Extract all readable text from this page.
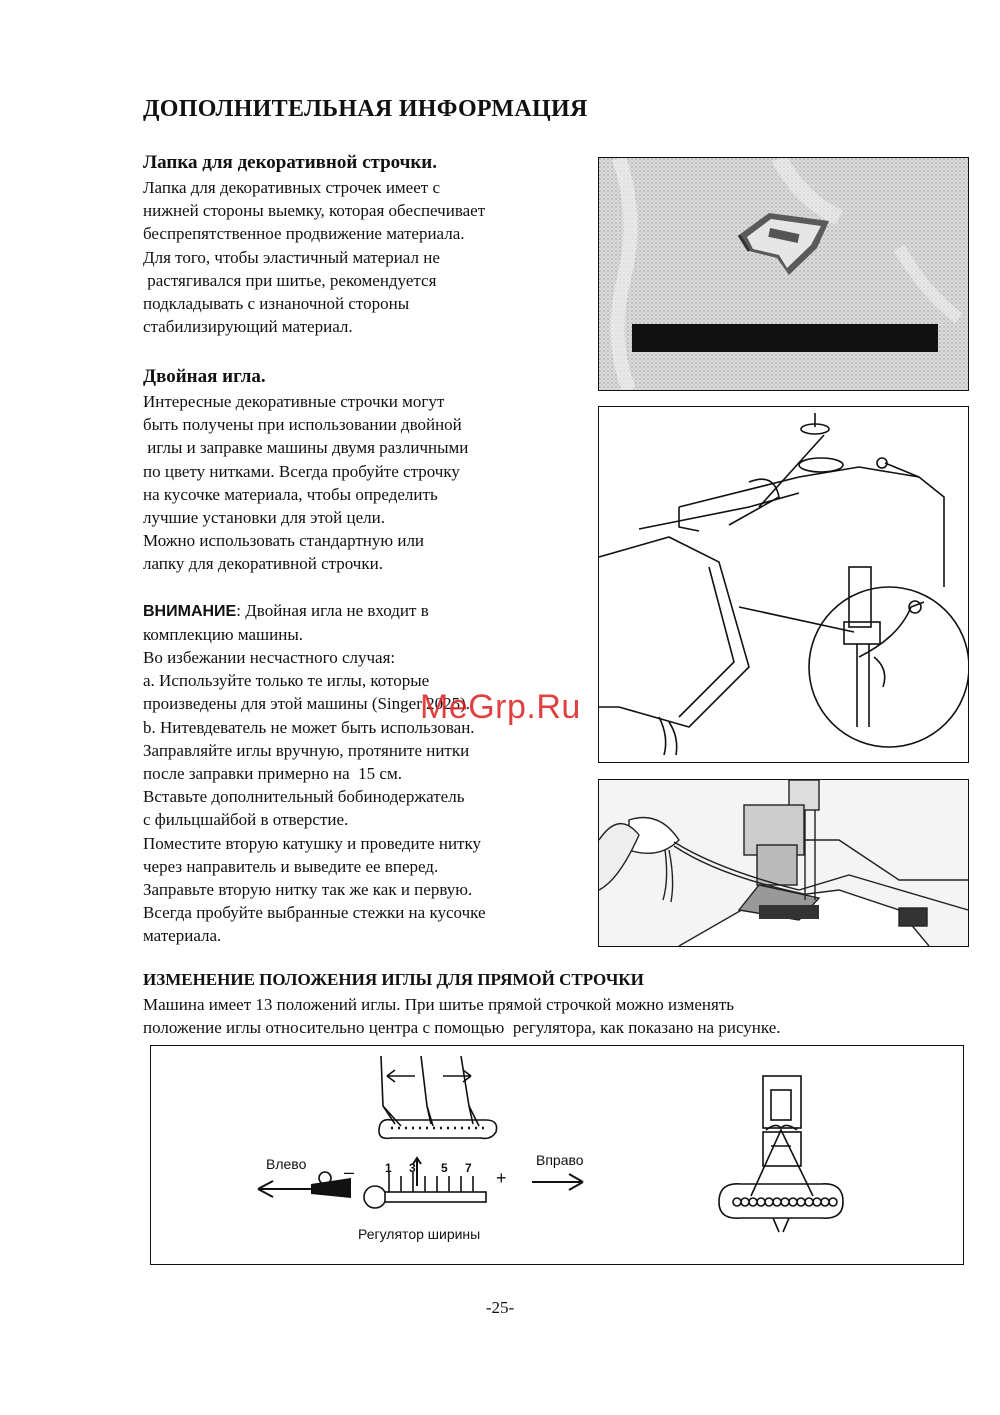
ДОПОЛНИТЕЛЬНАЯ ИНФОРМАЦИЯ

Лапка для декоративной строчки.

Лапка для декоративных строчек имеет с
нижней стороны выемку, которая обеспечивает
беспрепятственное продвижение материала.
Для того, чтобы эластичный материал не
растягивался при шитье, рекомендуется
подкладывать с изнаночной стороны
стабилизирующий материал.

Двойная игла.

Интересные декоративные строчки могут
быть получены при использовании двойной
иглы и заправке машины двумя различными
по цвету нитками. Всегда пробуйте строчку
на кусочке материала, чтобы определить
лучшие установки для этой цели.
Можно использовать стандартную или
лапку для декоративной строчки.
ВНИМАНИЕ: Двойная игла не входит в
комплекцию машины.
Во избежании несчастного случая:
a. Используйте только те иглы, которые
произведены для этой машины (Singer 2025).
b. Нитевдеватель не может быть использован.
Заправляйте иглы вручную, протяните нитки
после заправки примерно на  15 см.
Вставьте дополнительный бобинодержатель
с фильцшайбой в отверстие.
Поместите вторую катушку и проведите нитку
через направитель и выведите ее вперед.
Заправьте вторую нитку так же как и первую.
Всегда пробуйте выбранные стежки на кусочке
материала.

ИЗМЕНЕНИЕ ПОЛОЖЕНИЯ ИГЛЫ ДЛЯ ПРЯМОЙ СТРОЧКИ

Машина имеет 13 положений иглы. При шитье прямой строчкой можно изменять
положение иглы относительно центра с помощью  регулятора, как показано на рисунке.
Влево –	1 3 5 7 +
Вправо
Регулятор ширины
MeGrp.Ru
-25-
